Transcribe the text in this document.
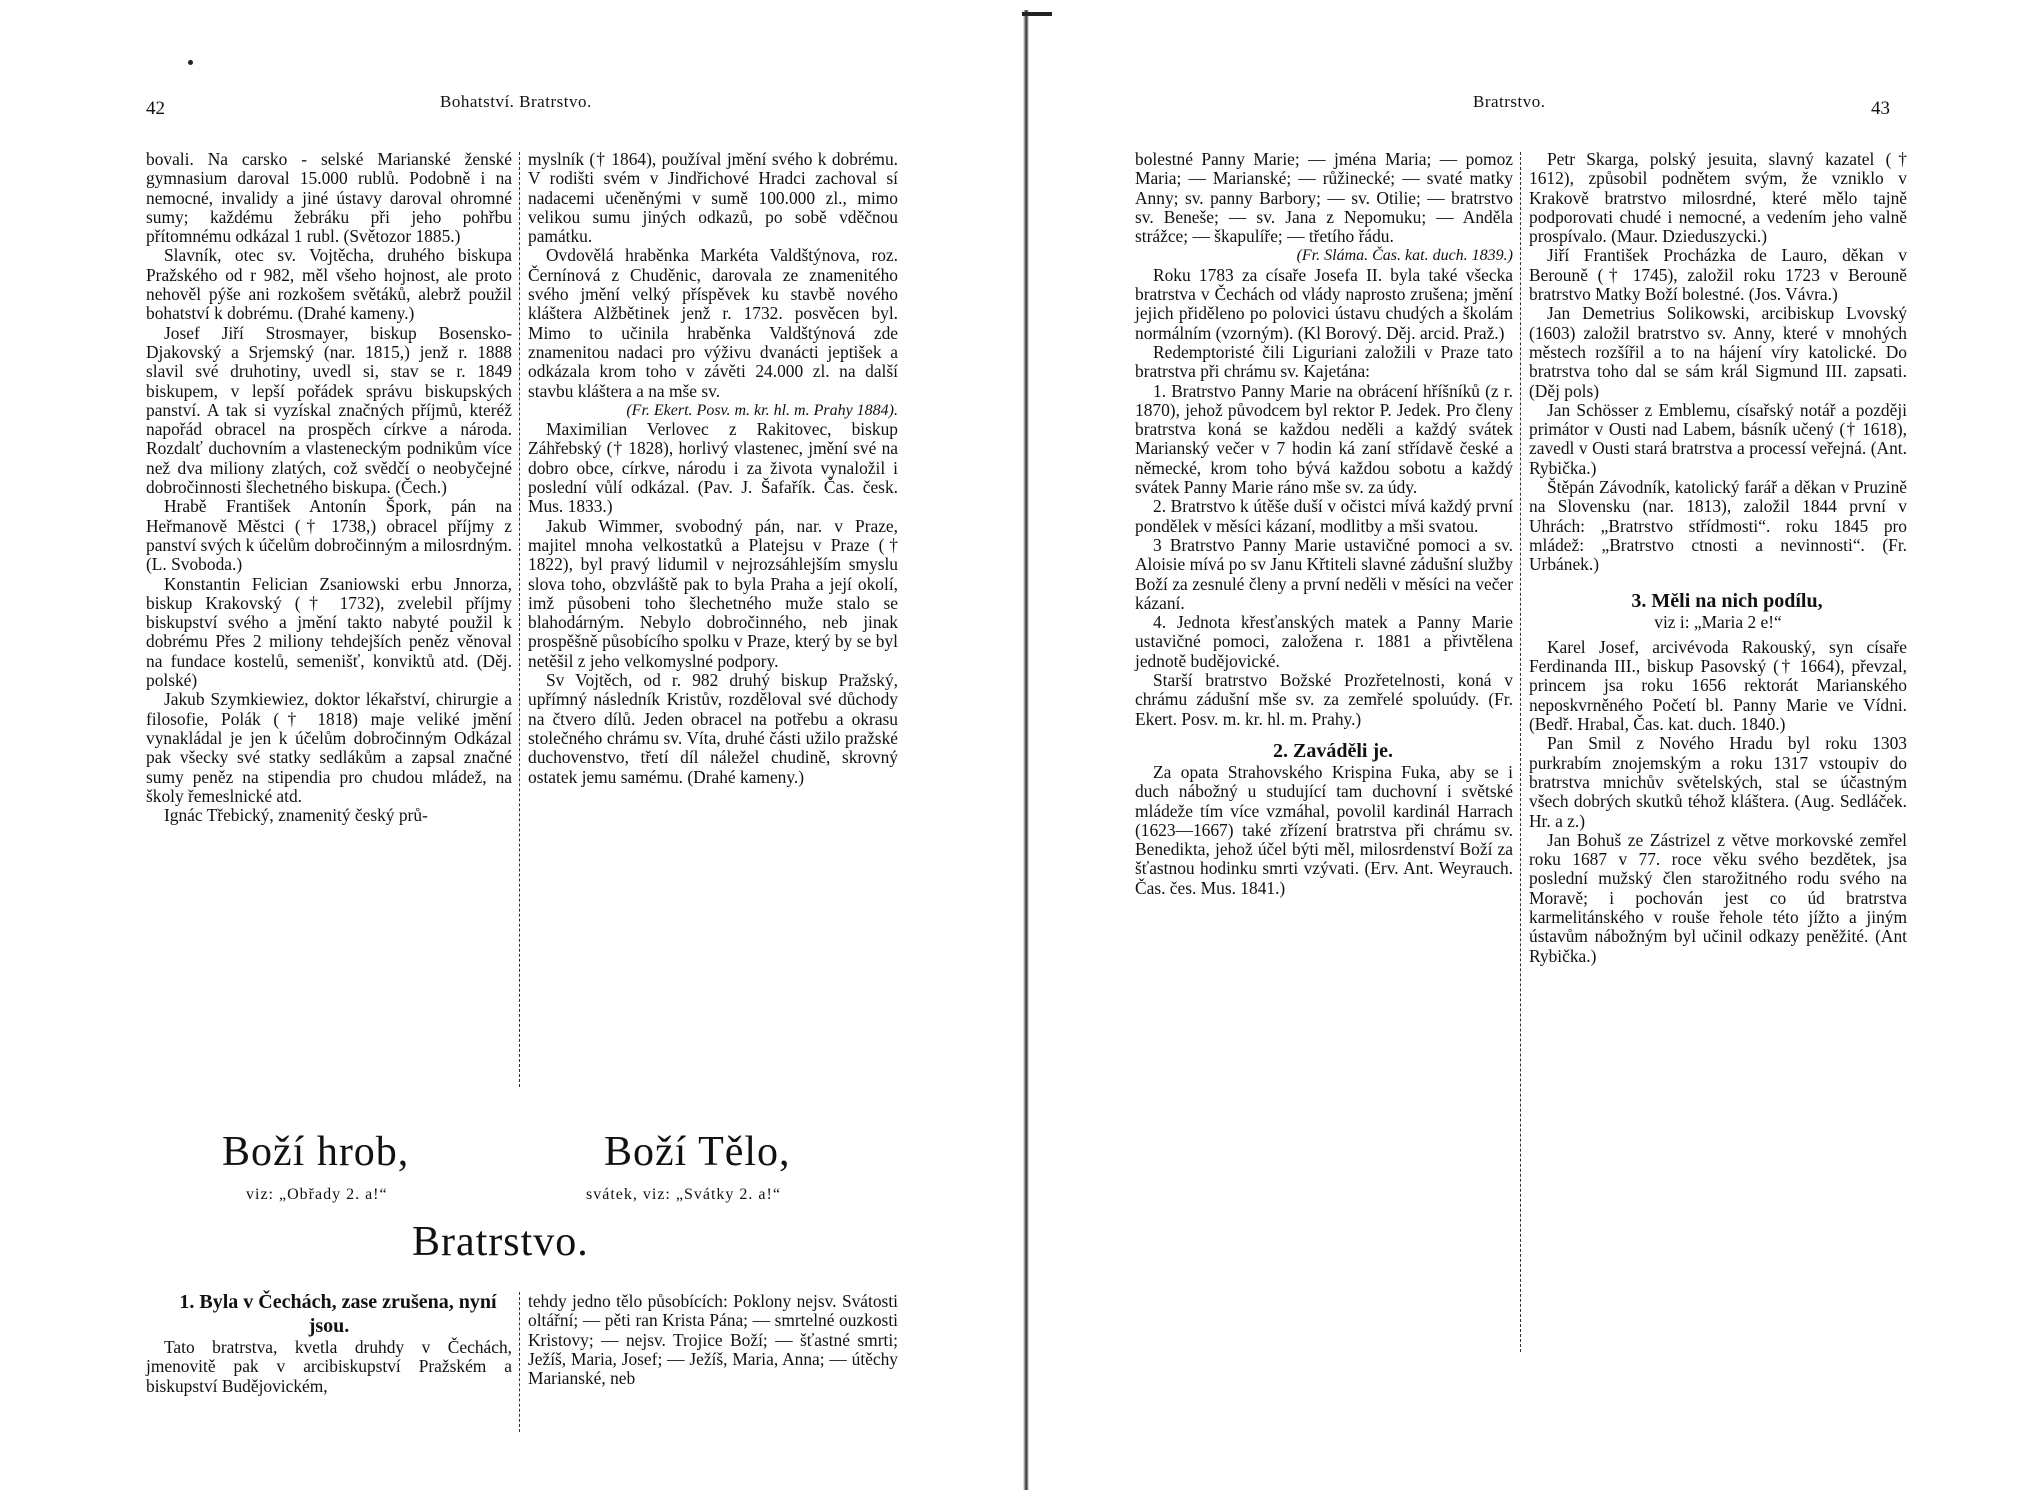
42	Bohatství. Bratrstvo.

bovali. Na carsko - selské Marianské ženské gymnasium daroval 15.000 rublů. Podobně i na nemocné, invalidy a jiné ústavy daroval ohromné sumy; každému žebráku při jeho pohřbu přítomnému odkázal 1 rubl. (Světozor 1885.)

Slavník, otec sv. Vojtěcha, druhého biskupa Pražského od r 982, měl všeho hojnost, ale proto nehověl pýše ani rozkošem světáků, alebrž použil bohatství k dobrému. (Drahé kameny.)

Josef Jiří Strosmayer, biskup Bosensko-Djakovský a Srjemský (nar. 1815,) jenž r. 1888 slavil své druhotiny, uvedl si, stav se r. 1849 biskupem, v lepší pořádek správu biskupských panství. A tak si vyzískal značných příjmů, kteréž napořád obracel na prospěch církve a národa. Rozdalť duchovním a vlasteneckým podnikům více než dva miliony zlatých, což svědčí o neobyčejné dobročinnosti šlechetného biskupa. (Čech.)

Hrabě František Antonín Špork, pán na Heřmanově Městci († 1738,) obracel příjmy z panství svých k účelům dobročinným a milosrdným. (L. Svoboda.)

Konstantin Felician Zsaniowski erbu Jnnorza, biskup Krakovský († 1732), zvelebil příjmy biskupství svého a jmění takto nabyté použil k dobrému Přes 2 miliony tehdejších peněz věnoval na fundace kostelů, semenišť, konviktů atd. (Děj. polské)

Jakub Szymkiewiez, doktor lékařství, chirurgie a filosofie, Polák († 1818) maje veliké jmění vynakládal je jen k účelům dobročinným Odkázal pak všecky své statky sedlákům a zapsal značné sumy peněz na stipendia pro chudou mládež, na školy řemeslnické atd.

Ignác Třebický, znamenitý český prů-

myslník († 1864), používal jmění svého k dobrému. V rodišti svém v Jindřichové Hradci zachoval sí nadacemi učeněnými v sumě 100.000 zl., mimo velikou sumu jiných odkazů, po sobě vděčnou památku.

Ovdovělá hraběnka Markéta Valdštýnova, roz. Černínová z Chuděnic, darovala ze znamenitého svého jmění velký příspěvek ku stavbě nového kláštera Alžbětinek jenž r. 1732. posvěcen byl. Mimo to učinila hraběnka Valdštýnová zde znamenitou nadaci pro výživu dvanácti jeptišek a odkázala krom toho v závěti 24.000 zl. na další stavbu kláštera a na mše sv.

(Fr. Ekert. Posv. m. kr. hl. m. Prahy 1884).

Maximilian Verlovec z Rakitovec, biskup Záhřebský († 1828), horlivý vlastenec, jmění své na dobro obce, církve, národu i za života vynaložil i poslední vůlí odkázal. (Pav. J. Šafařík. Čas. česk. Mus. 1833.)

Jakub Wimmer, svobodný pán, nar. v Praze, majitel mnoha velkostatků a Platejsu v Praze († 1822), byl pravý lidumil v nejrozsáhlejším smyslu slova toho, obzvláště pak to byla Praha a její okolí, imž působeni toho šlechetného muže stalo se blahodárným. Nebylo dobročinného, neb jinak prospěšně působícího spolku v Praze, který by se byl netěšil z jeho velkomyslné podpory.

Sv Vojtěch, od r. 982 druhý biskup Pražský, upřímný následník Kristův, rozděloval své důchody na čtvero dílů. Jeden obracel na potřebu a okrasu stolečného chrámu sv. Víta, druhé části užilo pražské duchovenstvo, třetí díl náležel chudině, skrovný ostatek jemu samému. (Drahé kameny.)

Boží hrob,
viz: „Obřady 2. a!“
Boží Tělo,
svátek, viz: „Svátky 2. a!“
Bratrstvo.

1. Byla v Čechách, zase zrušena, nyní jsou.

Tato bratrstva, kvetla druhdy v Čechách, jmenovitě pak v arcibiskupství Pražském a biskupství Budějovickém,

tehdy jedno tělo působících: Poklony nejsv. Svátosti oltářní; — pěti ran Krista Pána; — smrtelné ouzkosti Kristovy; — nejsv. Trojice Boží; — šťastné smrti; Ježíš, Maria, Josef; — Ježíš, Maria, Anna; — útěchy Marianské, neb

Bratrstvo.	43

bolestné Panny Marie; — jména Maria; — pomoz Maria; — Marianské; — růžinecké; — svaté matky Anny; sv. panny Barbory; — sv. Otilie; — bratrstvo sv. Beneše; — sv. Jana z Nepomuku; — Anděla strážce; — škapulíře; — třetího řádu.

(Fr. Sláma. Čas. kat. duch. 1839.)

Roku 1783 za císaře Josefa II. byla také všecka bratrstva v Čechách od vlády naprosto zrušena; jmění jejich přiděleno po polovici ústavu chudých a školám normálním (vzorným). (Kl Borový. Děj. arcid. Praž.)

Redemptoristé čili Liguriani založili v Praze tato bratrstva při chrámu sv. Kajetána:

1. Bratrstvo Panny Marie na obrácení hříšníků (z r. 1870), jehož původcem byl rektor P. Jedek. Pro členy bratrstva koná se každou neděli a každý svátek Marianský večer v 7 hodin ká zaní střídavě české a německé, krom toho bývá každou sobotu a každý svátek Panny Marie ráno mše sv. za údy.

2. Bratrstvo k útěše duší v očistci mívá každý první pondělek v měsíci kázaní, modlitby a mši svatou.

3 Bratrstvo Panny Marie ustavičné pomoci a sv. Aloisie mívá po sv Janu Křtiteli slavné zádušní služby Boží za zesnulé členy a první neděli v měsíci na večer kázaní.

4. Jednota křesťanských matek a Panny Marie ustavičné pomoci, založena r. 1881 a přivtělena jednotě budějovické.

Starší bratrstvo Božské Prozřetelnosti, koná v chrámu zádušní mše sv. za zemřelé spoluúdy. (Fr. Ekert. Posv. m. kr. hl. m. Prahy.)

2. Zaváděli je.

Za opata Strahovského Krispina Fuka, aby se i duch nábožný u studující tam duchovní i světské mládeže tím více vzmáhal, povolil kardinál Harrach (1623—1667) také zřízení bratrstva při chrámu sv. Benedikta, jehož účel býti měl, milosrdenství Boží za šťastnou hodinku smrti vzývati. (Erv. Ant. Weyrauch. Čas. čes. Mus. 1841.)

Petr Skarga, polský jesuita, slavný kazatel († 1612), způsobil podnětem svým, že vzniklo v Krakově bratrstvo milosrdné, které mělo tajně podporovati chudé i nemocné, a vedením jeho valně prospívalo. (Maur. Dzieduszycki.)

Jiří František Procházka de Lauro, děkan v Berouně († 1745), založil roku 1723 v Berouně bratrstvo Matky Boží bolestné. (Jos. Vávra.)

Jan Demetrius Solikowski, arcibiskup Lvovský (1603) založil bratrstvo sv. Anny, které v mnohých městech rozšířil a to na hájení víry katolické. Do bratrstva toho dal se sám král Sigmund III. zapsati. (Děj pols)

Jan Schösser z Emblemu, císařský notář a později primátor v Ousti nad Labem, básník učený († 1618), zavedl v Ousti stará bratrstva a processí veřejná. (Ant. Rybička.)

Štěpán Závodník, katolický farář a děkan v Pruzině na Slovensku (nar. 1813), založil 1844 první v Uhrách: „Bratrstvo střídmosti“. roku 1845 pro mládež: „Bratrstvo ctnosti a nevinnosti“. (Fr. Urbánek.)

3. Měli na nich podílu,

viz i: „Maria 2 e!“

Karel Josef, arcivévoda Rakouský, syn císaře Ferdinanda III., biskup Pasovský († 1664), převzal, princem jsa roku 1656 rektorát Marianského neposkvrněného Početí bl. Panny Marie ve Vídni. (Bedř. Hrabal, Čas. kat. duch. 1840.)

Pan Smil z Nového Hradu byl roku 1303 purkrabím znojemským a roku 1317 vstoupiv do bratrstva mnichův světelských, stal se účastným všech dobrých skutků téhož kláštera. (Aug. Sedláček. Hr. a z.)

Jan Bohuš ze Zástrizel z větve morkovské zemřel roku 1687 v 77. roce věku svého bezdětek, jsa poslední mužský člen starožitného rodu svého na Moravě; i pochován jest co úd bratrstva karmelitánského v rouše řehole této jížto a jiným ústavům nábožným byl učinil odkazy peněžité. (Ant Rybička.)
